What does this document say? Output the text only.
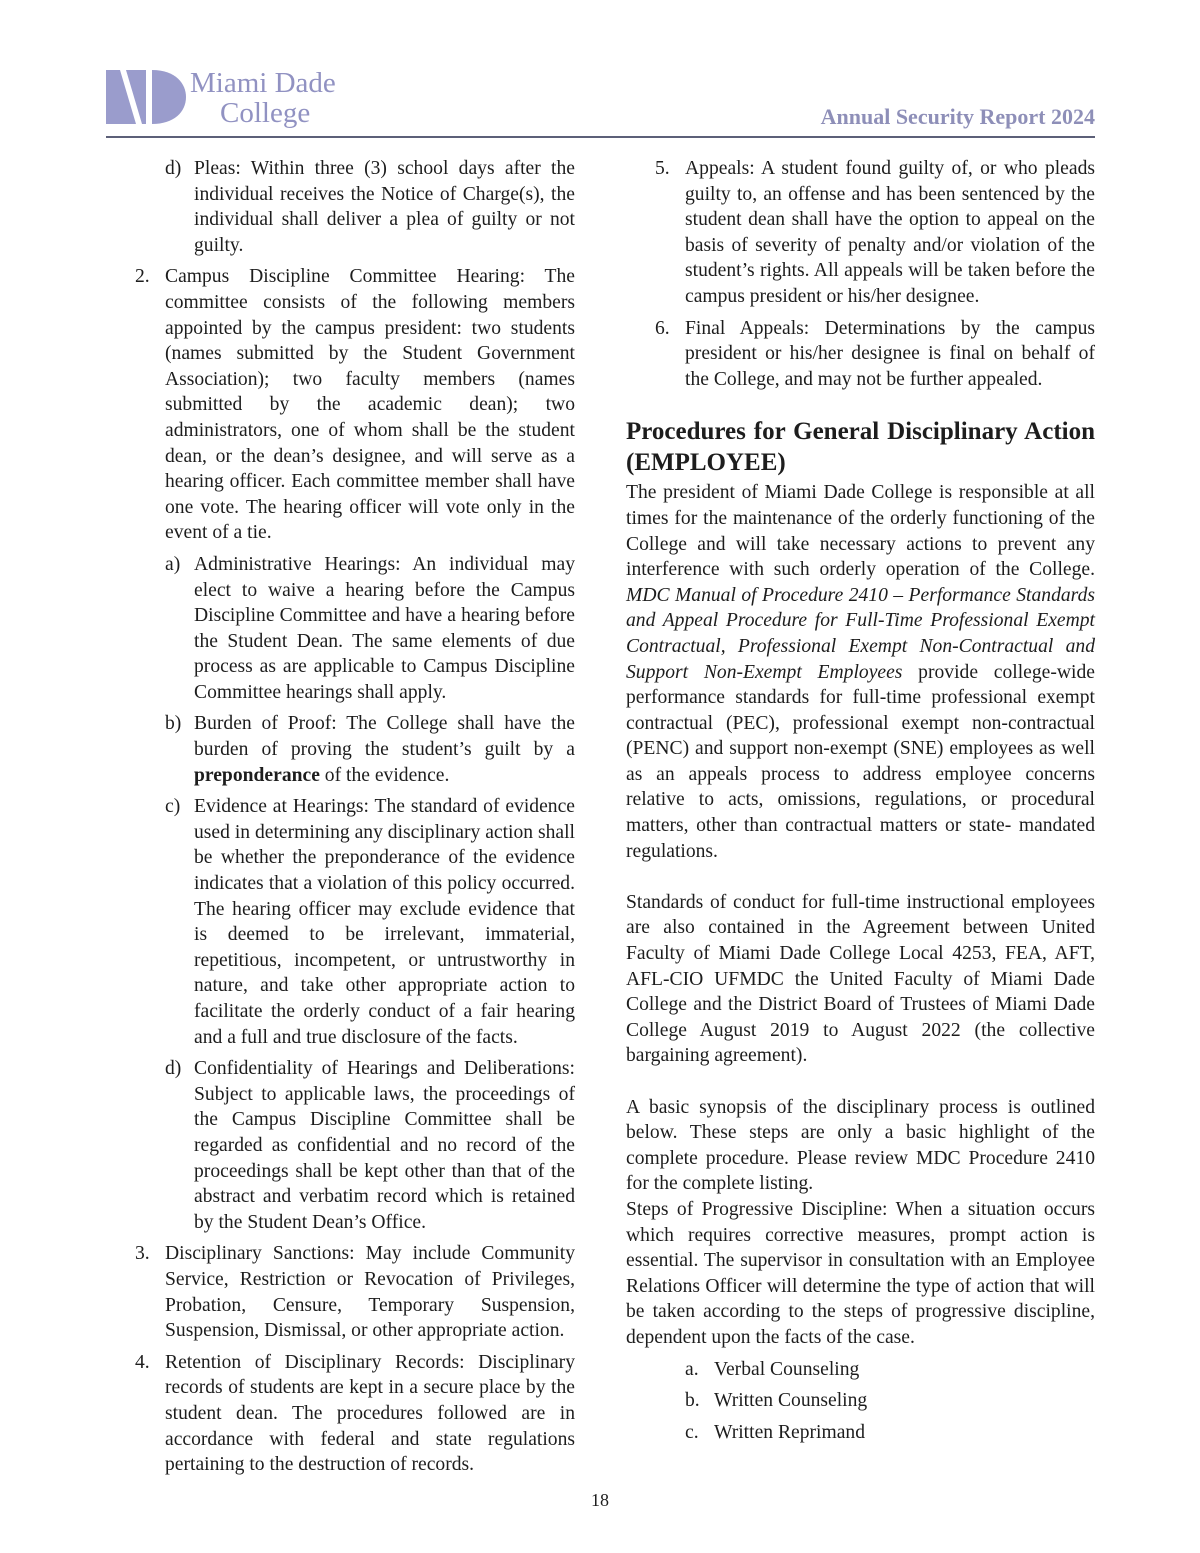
Miami Dade
College	Annual Security Report 2024
d) Pleas: Within three (3) school days after the individual receives the Notice of Charge(s), the individual shall deliver a plea of guilty or not guilty.
2. Campus Discipline Committee Hearing: The committee consists of the following members appointed by the campus president: two students (names submitted by the Student Government Association); two faculty members (names submitted by the academic dean); two administrators, one of whom shall be the student dean, or the dean’s designee, and will serve as a hearing officer. Each committee member shall have one vote. The hearing officer will vote only in the event of a tie.
a) Administrative Hearings: An individual may elect to waive a hearing before the Campus Discipline Committee and have a hearing before the Student Dean. The same elements of due process as are applicable to Campus Discipline Committee hearings shall apply.
b) Burden of Proof: The College shall have the burden of proving the student’s guilt by a preponderance of the evidence.
c) Evidence at Hearings: The standard of evidence used in determining any disciplinary action shall be whether the preponderance of the evidence indicates that a violation of this policy occurred. The hearing officer may exclude evidence that is deemed to be irrelevant, immaterial, repetitious, incompetent, or untrustworthy in nature, and take other appropriate action to facilitate the orderly conduct of a fair hearing and a full and true disclosure of the facts.
d) Confidentiality of Hearings and Deliberations: Subject to applicable laws, the proceedings of the Campus Discipline Committee shall be regarded as confidential and no record of the proceedings shall be kept other than that of the abstract and verbatim record which is retained by the Student Dean’s Office.
3. Disciplinary Sanctions: May include Community Service, Restriction or Revocation of Privileges, Probation, Censure, Temporary Suspension, Suspension, Dismissal, or other appropriate action.
4. Retention of Disciplinary Records: Disciplinary records of students are kept in a secure place by the student dean. The procedures followed are in accordance with federal and state regulations pertaining to the destruction of records.
5. Appeals: A student found guilty of, or who pleads guilty to, an offense and has been sentenced by the student dean shall have the option to appeal on the basis of severity of penalty and/or violation of the student’s rights. All appeals will be taken before the campus president or his/her designee.
6. Final Appeals: Determinations by the campus president or his/her designee is final on behalf of the College, and may not be further appealed.
Procedures for General Disciplinary Action (EMPLOYEE)

The president of Miami Dade College is responsible at all times for the maintenance of the orderly functioning of the College and will take necessary actions to prevent any interference with such orderly operation of the College. MDC Manual of Procedure 2410 – Performance Standards and Appeal Procedure for Full-Time Professional Exempt Contractual, Professional Exempt Non-Contractual and Support Non-Exempt Employees provide college-wide performance standards for full-time professional exempt contractual (PEC), professional exempt non-contractual (PENC) and support non-exempt (SNE) employees as well as an appeals process to address employee concerns relative to acts, omissions, regulations, or procedural matters, other than contractual matters or state- mandated regulations.

Standards of conduct for full-time instructional employees are also contained in the Agreement between United Faculty of Miami Dade College Local 4253, FEA, AFT, AFL-CIO UFMDC the United Faculty of Miami Dade College and the District Board of Trustees of Miami Dade College August 2019 to August 2022 (the collective bargaining agreement).

A basic synopsis of the disciplinary process is outlined below. These steps are only a basic highlight of the complete procedure. Please review MDC Procedure 2410 for the complete listing.

Steps of Progressive Discipline: When a situation occurs which requires corrective measures, prompt action is essential. The supervisor in consultation with an Employee Relations Officer will determine the type of action that will be taken according to the steps of progressive discipline, dependent upon the facts of the case.

a. Verbal Counseling
b. Written Counseling
c. Written Reprimand
18
